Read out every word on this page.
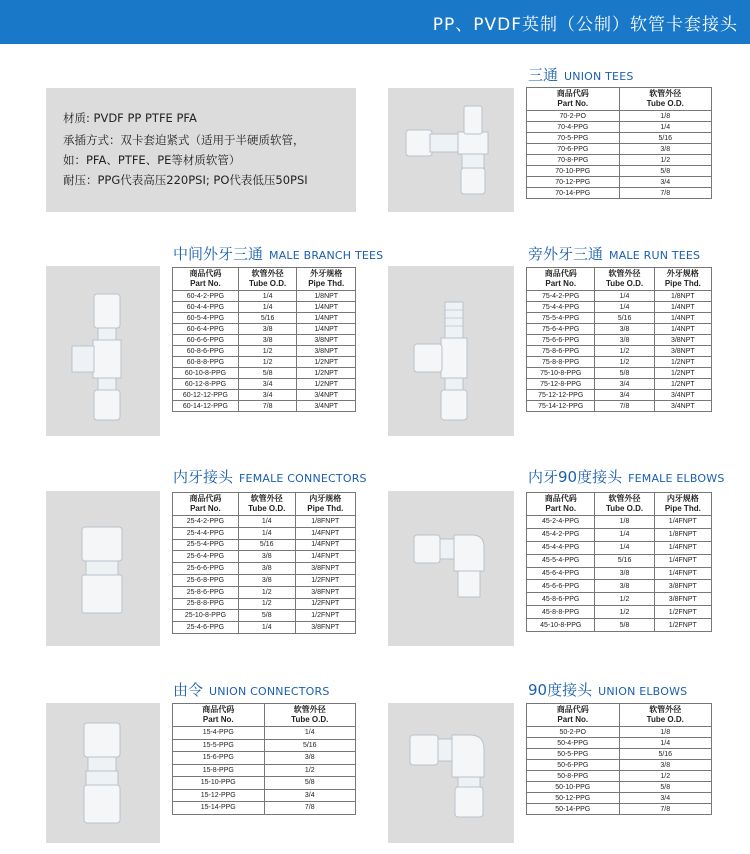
PP、PVDF英制（公制）软管卡套接头

材质: PVDF PP PTFE PFA

承插方式：双卡套迫紧式（适用于半硬质软管，

如：PFA、PTFE、PE等材质软管）

耐压：PPG代表高压220PSI; PO代表低压50PSI

三通 UNION TEES
商品代码
Part No.	软管外径
Tube O.D.
70-2-PO	1/8
70-4-PPG	1/4
70-5-PPG	5/16
70-6-PPG	3/8
70-8-PPG	1/2
70-10-PPG	5/8
70-12-PPG	3/4
70-14-PPG	7/8
中间外牙三通 MALE BRANCH TEES
商品代码
Part No.	软管外径
Tube O.D.	外牙规格
Pipe Thd.
60-4-2-PPG	1/4	1/8NPT
60-4-4-PPG	1/4	1/4NPT
60-5-4-PPG	5/16	1/4NPT
60-6-4-PPG	3/8	1/4NPT
60-6-6-PPG	3/8	3/8NPT
60-8-6-PPG	1/2	3/8NPT
60-8-8-PPG	1/2	1/2NPT
60-10-8-PPG	5/8	1/2NPT
60-12-8-PPG	3/4	1/2NPT
60-12-12-PPG	3/4	3/4NPT
60-14-12-PPG	7/8	3/4NPT
旁外牙三通 MALE RUN TEES
商品代码
Part No.	软管外径
Tube O.D.	外牙规格
Pipe Thd.
75-4-2-PPG	1/4	1/8NPT
75-4-4-PPG	1/4	1/4NPT
75-5-4-PPG	5/16	1/4NPT
75-6-4-PPG	3/8	1/4NPT
75-6-6-PPG	3/8	3/8NPT
75-8-6-PPG	1/2	3/8NPT
75-8-8-PPG	1/2	1/2NPT
75-10-8-PPG	5/8	1/2NPT
75-12-8-PPG	3/4	1/2NPT
75-12-12-PPG	3/4	3/4NPT
75-14-12-PPG	7/8	3/4NPT
内牙接头 FEMALE CONNECTORS
商品代码
Part No.	软管外径
Tube O.D.	内牙规格
Pipe Thd.
25-4-2-PPG	1/4	1/8FNPT
25-4-4-PPG	1/4	1/4FNPT
25-5-4-PPG	5/16	1/4FNPT
25-6-4-PPG	3/8	1/4FNPT
25-6-6-PPG	3/8	3/8FNPT
25-6-8-PPG	3/8	1/2FNPT
25-8-6-PPG	1/2	3/8FNPT
25-8-8-PPG	1/2	1/2FNPT
25-10-8-PPG	5/8	1/2FNPT
25-4-6-PPG	1/4	3/8FNPT
内牙90度接头 FEMALE ELBOWS
商品代码
Part No.	软管外径
Tube O.D.	内牙规格
Pipe Thd.
45-2-4-PPG	1/8	1/4FNPT
45-4-2-PPG	1/4	1/8FNPT
45-4-4-PPG	1/4	1/4FNPT
45-5-4-PPG	5/16	1/4FNPT
45-6-4-PPG	3/8	1/4FNPT
45-6-6-PPG	3/8	3/8FNPT
45-8-6-PPG	1/2	3/8FNPT
45-8-8-PPG	1/2	1/2FNPT
45-10-8-PPG	5/8	1/2FNPT
由令 UNION CONNECTORS
商品代码
Part No.	软管外径
Tube O.D.
15-4-PPG	1/4
15-5-PPG	5/16
15-6-PPG	3/8
15-8-PPG	1/2
15-10-PPG	5/8
15-12-PPG	3/4
15-14-PPG	7/8
90度接头 UNION ELBOWS
商品代码
Part No.	软管外径
Tube O.D.
50-2-PO	1/8
50-4-PPG	1/4
50-5-PPG	5/16
50-6-PPG	3/8
50-8-PPG	1/2
50-10-PPG	5/8
50-12-PPG	3/4
50-14-PPG	7/8
